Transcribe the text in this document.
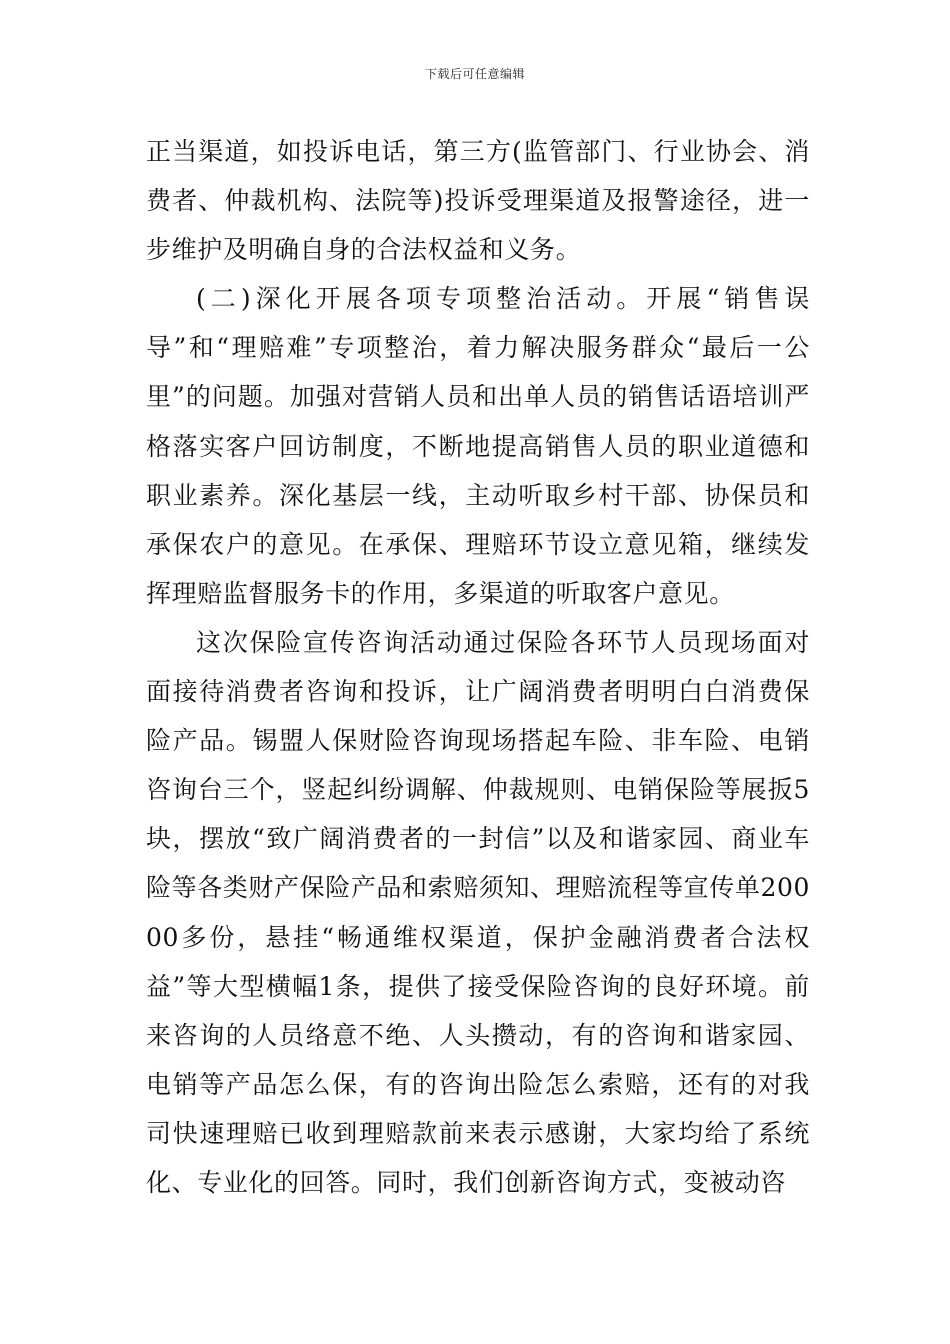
下载后可任意编辑

正当渠道，如投诉电话，第三方(监管部门、行业协会、消费者、仲裁机构、法院等)投诉受理渠道及报警途径，进一步维护及明确自身的合法权益和义务。

(二)深化开展各项专项整治活动。开展“销售误导”和“理赔难”专项整治，着力解决服务群众“最后一公里”的问题。加强对营销人员和出单人员的销售话语培训严格落实客户回访制度，不断地提高销售人员的职业道德和职业素养。深化基层一线，主动听取乡村干部、协保员和承保农户的意见。在承保、理赔环节设立意见箱，继续发挥理赔监督服务卡的作用，多渠道的听取客户意见。

这次保险宣传咨询活动通过保险各环节人员现场面对面接待消费者咨询和投诉，让广阔消费者明明白白消费保险产品。锡盟人保财险咨询现场搭起车险、非车险、电销咨询台三个，竖起纠纷调解、仲裁规则、电销保险等展扳5块，摆放“致广阔消费者的一封信”以及和谐家园、商业车险等各类财产保险产品和索赔须知、理赔流程等宣传单20000多份，悬挂“畅通维权渠道，保护金融消费者合法权益”等大型横幅1条，提供了接受保险咨询的良好环境。前来咨询的人员络意不绝、人头攒动，有的咨询和谐家园、电销等产品怎么保，有的咨询出险怎么索赔，还有的对我司快速理赔已收到理赔款前来表示感谢，大家均给了系统化、专业化的回答。同时，我们创新咨询方式，变被动咨
